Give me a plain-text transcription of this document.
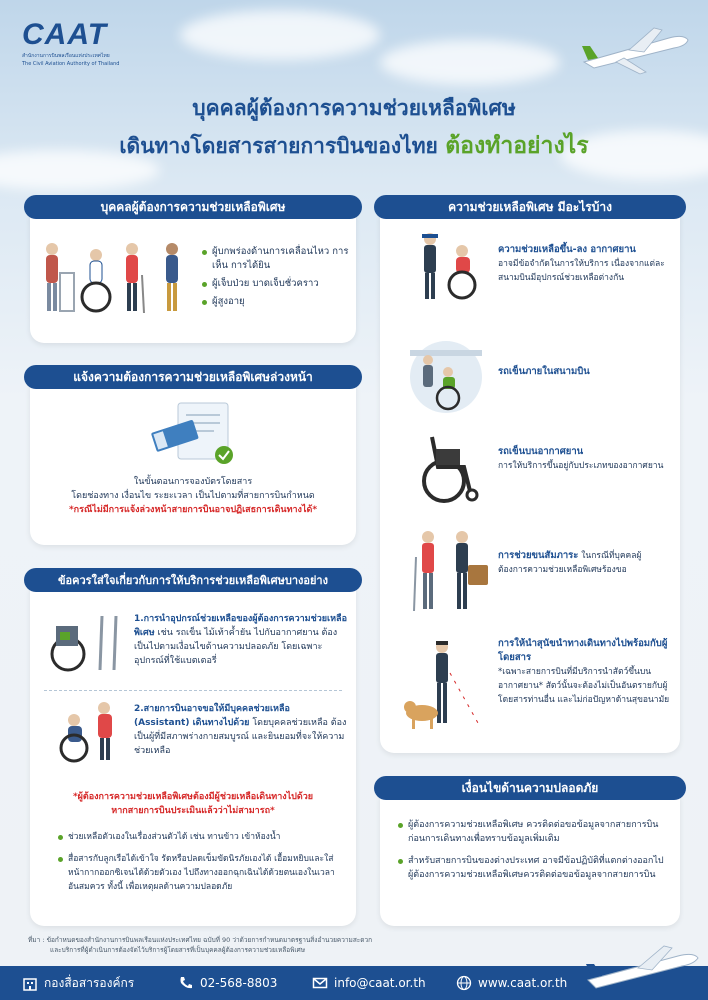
CAAT
สำนักงานการบินพลเรือนแห่งประเทศไทย
The Civil Aviation Authority of Thailand
บุคคลผู้ต้องการความช่วยเหลือพิเศษ
เดินทางโดยสารสายการบินของไทย ต้องทำอย่างไร
บุคคลผู้ต้องการความช่วยเหลือพิเศษ
ผู้บกพร่องด้านการเคลื่อนไหว การเห็น การได้ยิน
ผู้เจ็บป่วย บาดเจ็บชั่วคราว
ผู้สูงอายุ
แจ้งความต้องการความช่วยเหลือพิเศษล่วงหน้า
ในขั้นตอนการจองบัตรโดยสาร
โดยช่องทาง เงื่อนไข ระยะเวลา เป็นไปตามที่สายการบินกำหนด
*กรณีไม่มีการแจ้งล่วงหน้าสายการบินอาจปฏิเสธการเดินทางได้*
ข้อควรใส่ใจเกี่ยวกับการให้บริการช่วยเหลือพิเศษบางอย่าง
1.การนำอุปกรณ์ช่วยเหลือของผู้ต้องการความช่วยเหลือพิเศษ เช่น รถเข็น ไม้เท้าค้ำยัน ไปกับอากาศยาน ต้องเป็นไปตามเงื่อนไขด้านความปลอดภัย โดยเฉพาะอุปกรณ์ที่ใช้แบตเตอรี่
2.สายการบินอาจขอให้มีบุคคลช่วยเหลือ (Assistant) เดินทางไปด้วย โดยบุคคลช่วยเหลือ ต้องเป็นผู้ที่มีสภาพร่างกายสมบูรณ์ และยินยอมที่จะให้ความช่วยเหลือ
*ผู้ต้องการความช่วยเหลือพิเศษต้องมีผู้ช่วยเหลือเดินทางไปด้วย
หากสายการบินประเมินแล้วว่าไม่สามารถ*
ช่วยเหลือตัวเองในเรื่องส่วนตัวได้ เช่น ทานข้าว เข้าห้องน้ำ
สื่อสารกับลูกเรือได้เข้าใจ รัดหรือปลดเข็มขัดนิรภัยเองได้ เอื้อมหยิบและใส่หน้ากากออกซิเจนได้ด้วยตัวเอง ไปถึงทางออกฉุกเฉินได้ด้วยตนเองในเวลาอันสมควร ทั้งนี้ เพื่อเหตุผลด้านความปลอดภัย
ความช่วยเหลือพิเศษ มีอะไรบ้าง
ความช่วยเหลือขึ้น-ลง อากาศยาน
อาจมีข้อจำกัดในการให้บริการ เนื่องจากแต่ละสนามบินมีอุปกรณ์ช่วยเหลือต่างกัน
รถเข็นภายในสนามบิน
รถเข็นบนอากาศยาน
การให้บริการขึ้นอยู่กับประเภทของอากาศยาน
การช่วยขนสัมภาระ ในกรณีที่บุคคลผู้ต้องการความช่วยเหลือพิเศษร้องขอ
การให้นำสุนัขนำทางเดินทางไปพร้อมกับผู้โดยสาร
*เฉพาะสายการบินที่มีบริการนำสัตว์ขึ้นบนอากาศยาน* สัตว์นั้นจะต้องไม่เป็นอันตรายกับผู้โดยสารท่านอื่น และไม่ก่อปัญหาด้านสุขอนามัย
เงื่อนไขด้านความปลอดภัย
ผู้ต้องการความช่วยเหลือพิเศษ ควรติดต่อขอข้อมูลจากสายการบินก่อนการเดินทางเพื่อทราบข้อมูลเพิ่มเติม
สำหรับสายการบินของต่างประเทศ อาจมีข้อปฏิบัติที่แตกต่างออกไป ผู้ต้องการความช่วยเหลือพิเศษควรติดต่อขอข้อมูลจากสายการบิน
ที่มา : ข้อกำหนดของสำนักงานการบินพลเรือนแห่งประเทศไทย ฉบับที่ 90 ว่าด้วยการกำหนดมาตรฐานสิ่งอำนวยความสะดวก
และบริการที่ผู้ดำเนินการต้องจัดไว้บริการผู้โดยสารที่เป็นบุคคลผู้ต้องการความช่วยเหลือพิเศษ
กองสื่อสารองค์กร	02-568-8803	info@caat.or.th	www.caat.or.th
